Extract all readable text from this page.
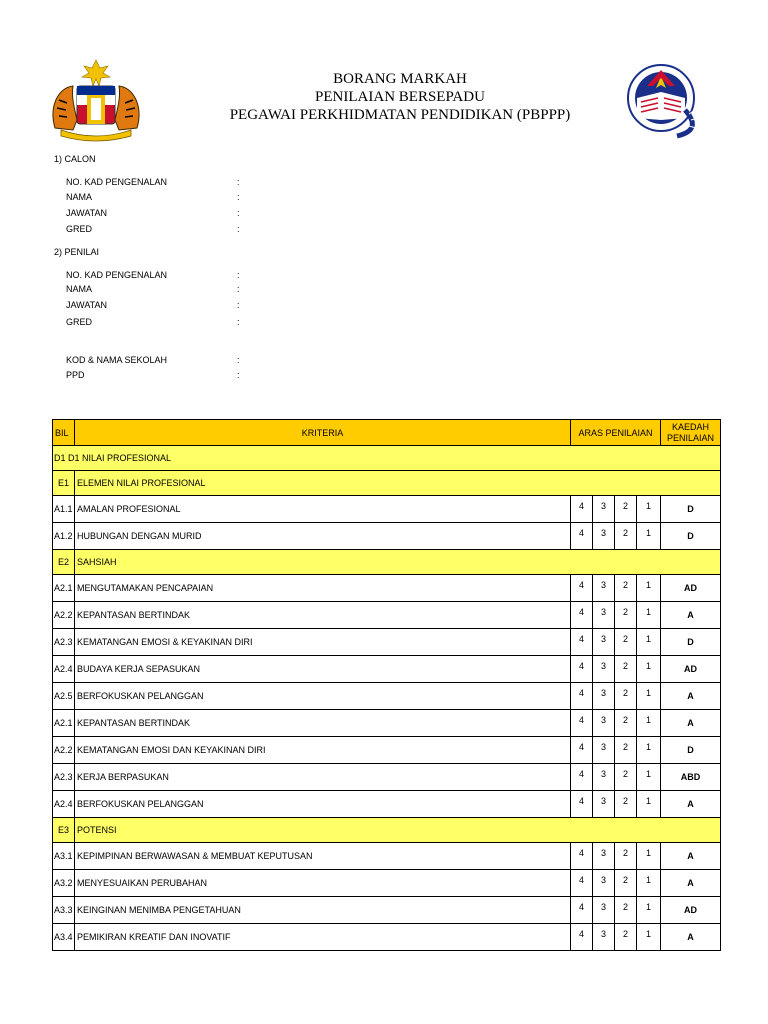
BORANG MARKAH
PENILAIAN BERSEPADU
PEGAWAI PERKHIDMATAN PENDIDIKAN (PBPPP)
1) CALON
NO. KAD PENGENALAN	:
NAMA	:
JAWATAN	:
GRED	:
2) PENILAI
NO. KAD PENGENALAN	:
NAMA	:
JAWATAN	:
GRED	:
KOD & NAMA SEKOLAH	:
PPD	:
BIL	KRITERIA	ARAS PENILAIAN				KAEDAH PENILAIAN
D1 D1 NILAI PROFESIONAL						
E1	ELEMEN NILAI PROFESIONAL					
A1.1	AMALAN PROFESIONAL	4	3	2	1	D
A1.2	HUBUNGAN DENGAN MURID	4	3	2	1	D
E2	SAHSIAH					
A2.1	MENGUTAMAKAN PENCAPAIAN	4	3	2	1	AD
A2.2	KEPANTASAN BERTINDAK	4	3	2	1	A
A2.3	KEMATANGAN EMOSI & KEYAKINAN DIRI	4	3	2	1	D
A2.4	BUDAYA KERJA SEPASUKAN	4	3	2	1	AD
A2.5	BERFOKUSKAN PELANGGAN	4	3	2	1	A
A2.1	KEPANTASAN BERTINDAK	4	3	2	1	A
A2.2	KEMATANGAN EMOSI DAN KEYAKINAN DIRI	4	3	2	1	D
A2.3	KERJA BERPASUKAN	4	3	2	1	ABD
A2.4	BERFOKUSKAN PELANGGAN	4	3	2	1	A
E3	POTENSI					
A3.1	KEPIMPINAN BERWAWASAN & MEMBUAT KEPUTUSAN	4	3	2	1	A
A3.2	MENYESUAIKAN PERUBAHAN	4	3	2	1	A
A3.3	KEINGINAN MENIMBA PENGETAHUAN	4	3	2	1	AD
A3.4	PEMIKIRAN KREATIF DAN INOVATIF	4	3	2	1	A
